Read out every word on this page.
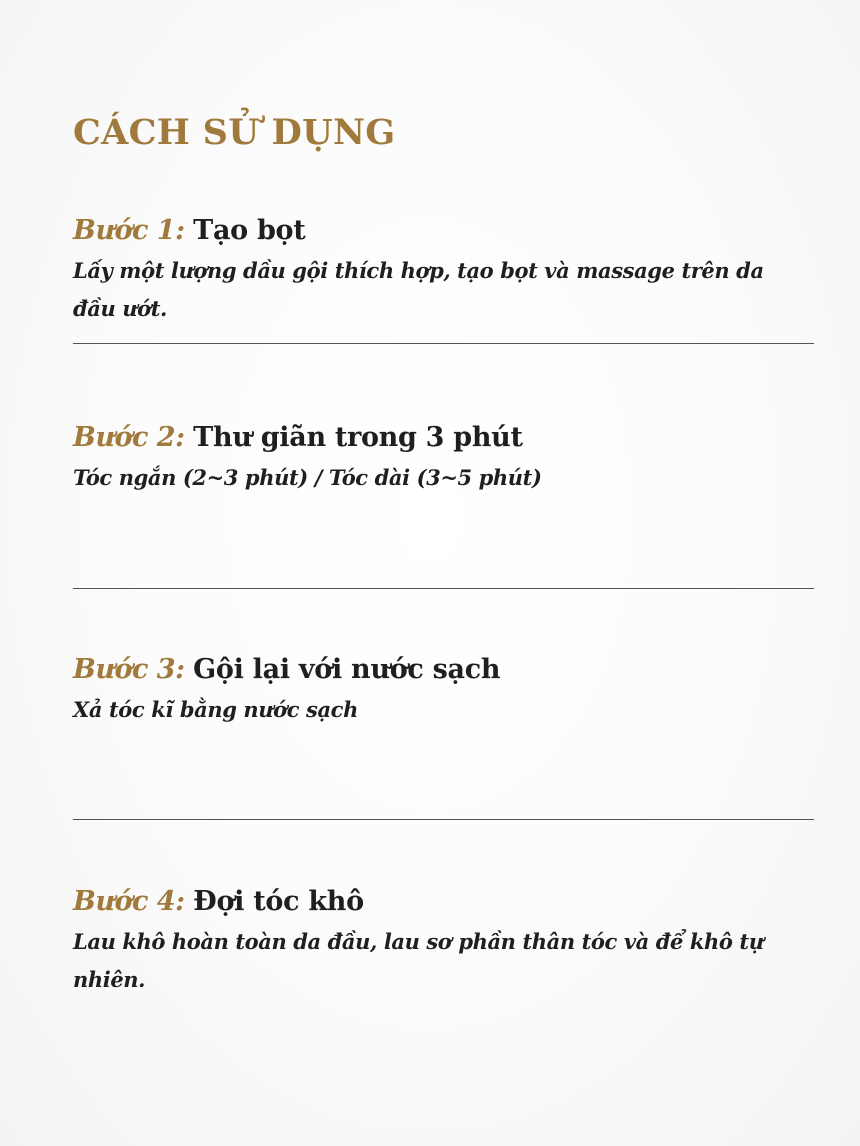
CÁCH SỬ DỤNG

Bước 1: Tạo bọt

Lấy một lượng dầu gội thích hợp, tạo bọt và massage trên da đầu ướt.

Bước 2: Thư giãn trong 3 phút

Tóc ngắn (2~3 phút) / Tóc dài (3~5 phút)

Bước 3: Gội lại với nước sạch

Xả tóc kĩ bằng nước sạch

Bước 4: Đợi tóc khô

Lau khô hoàn toàn da đầu, lau sơ phần thân tóc và để khô tự nhiên.
